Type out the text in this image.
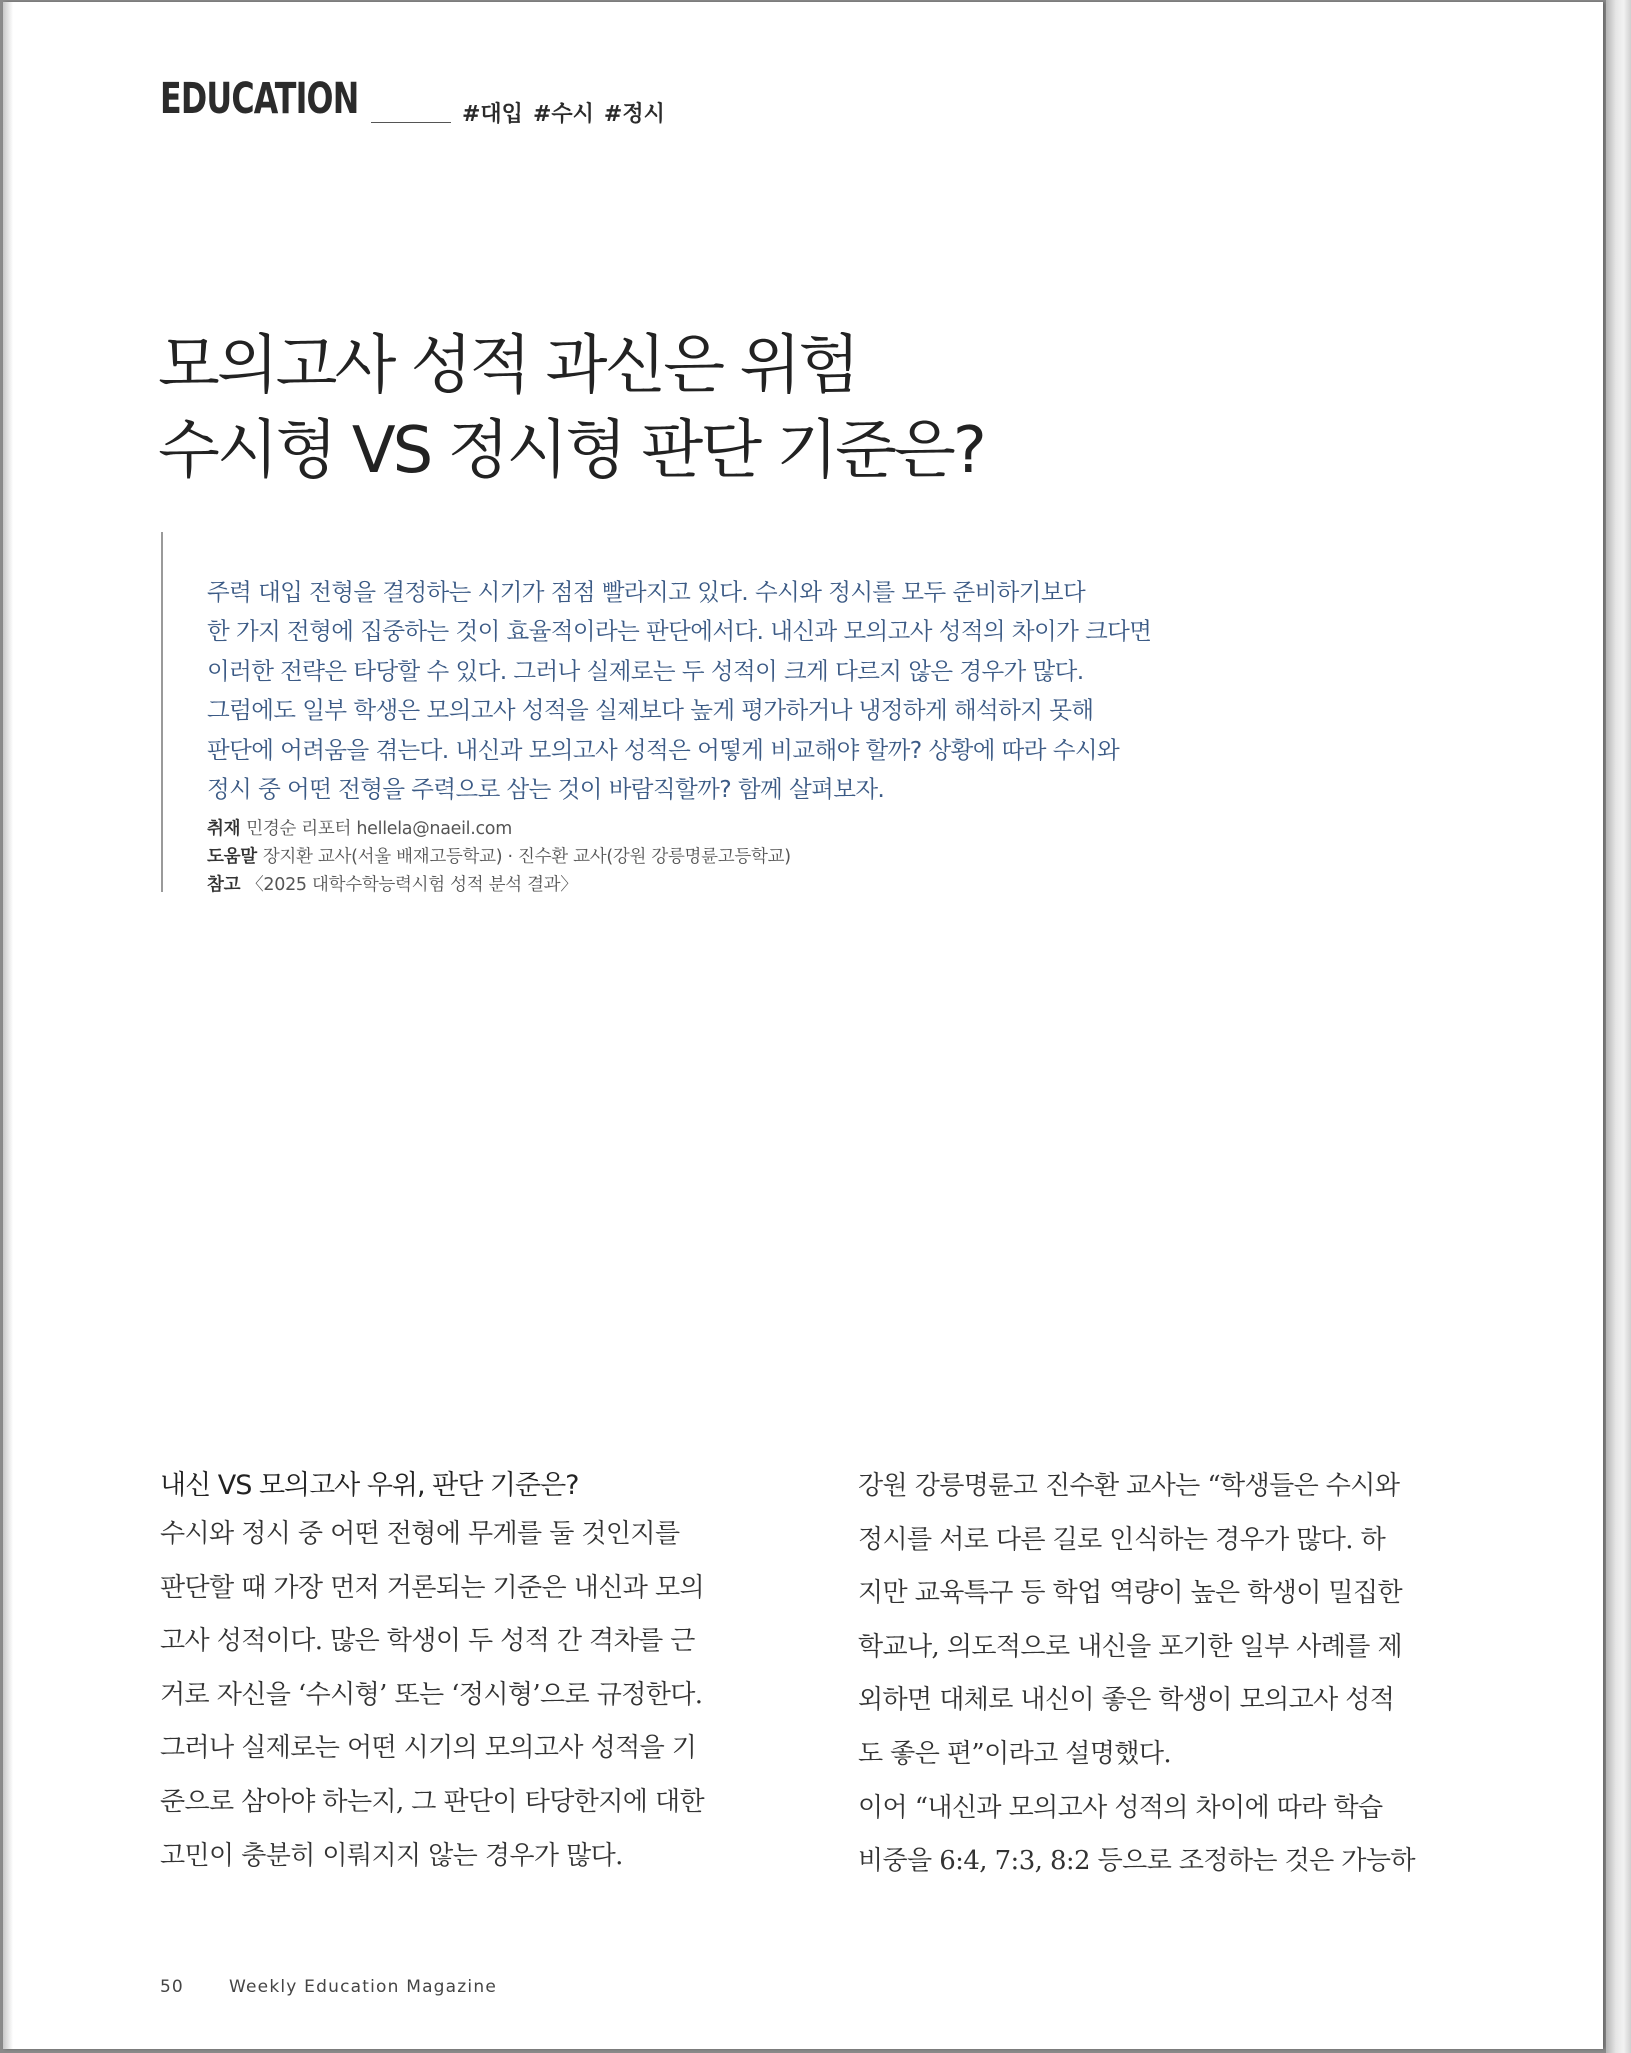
EDUCATION	#대입 #수시 #정시
모의고사 성적 과신은 위험
수시형 VS 정시형 판단 기준은?

주력 대입 전형을 결정하는 시기가 점점 빨라지고 있다. 수시와 정시를 모두 준비하기보다

한 가지 전형에 집중하는 것이 효율적이라는 판단에서다. 내신과 모의고사 성적의 차이가 크다면

이러한 전략은 타당할 수 있다. 그러나 실제로는 두 성적이 크게 다르지 않은 경우가 많다.

그럼에도 일부 학생은 모의고사 성적을 실제보다 높게 평가하거나 냉정하게 해석하지 못해

판단에 어려움을 겪는다. 내신과 모의고사 성적은 어떻게 비교해야 할까? 상황에 따라 수시와

정시 중 어떤 전형을 주력으로 삼는 것이 바람직할까? 함께 살펴보자.

취재 민경순 리포터 hellela@naeil.com
도움말 장지환 교사(서울 배재고등학교) · 진수환 교사(강원 강릉명륜고등학교)
참고 〈2025 대학수학능력시험 성적 분석 결과〉
내신 VS 모의고사 우위, 판단 기준은?
수시와 정시 중 어떤 전형에 무게를 둘 것인지를
판단할 때 가장 먼저 거론되는 기준은 내신과 모의
고사 성적이다. 많은 학생이 두 성적 간 격차를 근
거로 자신을 ‘수시형’ 또는 ‘정시형’으로 규정한다.
그러나 실제로는 어떤 시기의 모의고사 성적을 기
준으로 삼아야 하는지, 그 판단이 타당한지에 대한
고민이 충분히 이뤄지지 않는 경우가 많다.
강원 강릉명륜고 진수환 교사는 “학생들은 수시와
정시를 서로 다른 길로 인식하는 경우가 많다. 하
지만 교육특구 등 학업 역량이 높은 학생이 밀집한
학교나, 의도적으로 내신을 포기한 일부 사례를 제
외하면 대체로 내신이 좋은 학생이 모의고사 성적
도 좋은 편”이라고 설명했다.
이어 “내신과 모의고사 성적의 차이에 따라 학습
비중을 6:4, 7:3, 8:2 등으로 조정하는 것은 가능하
50	Weekly Education Magazine
